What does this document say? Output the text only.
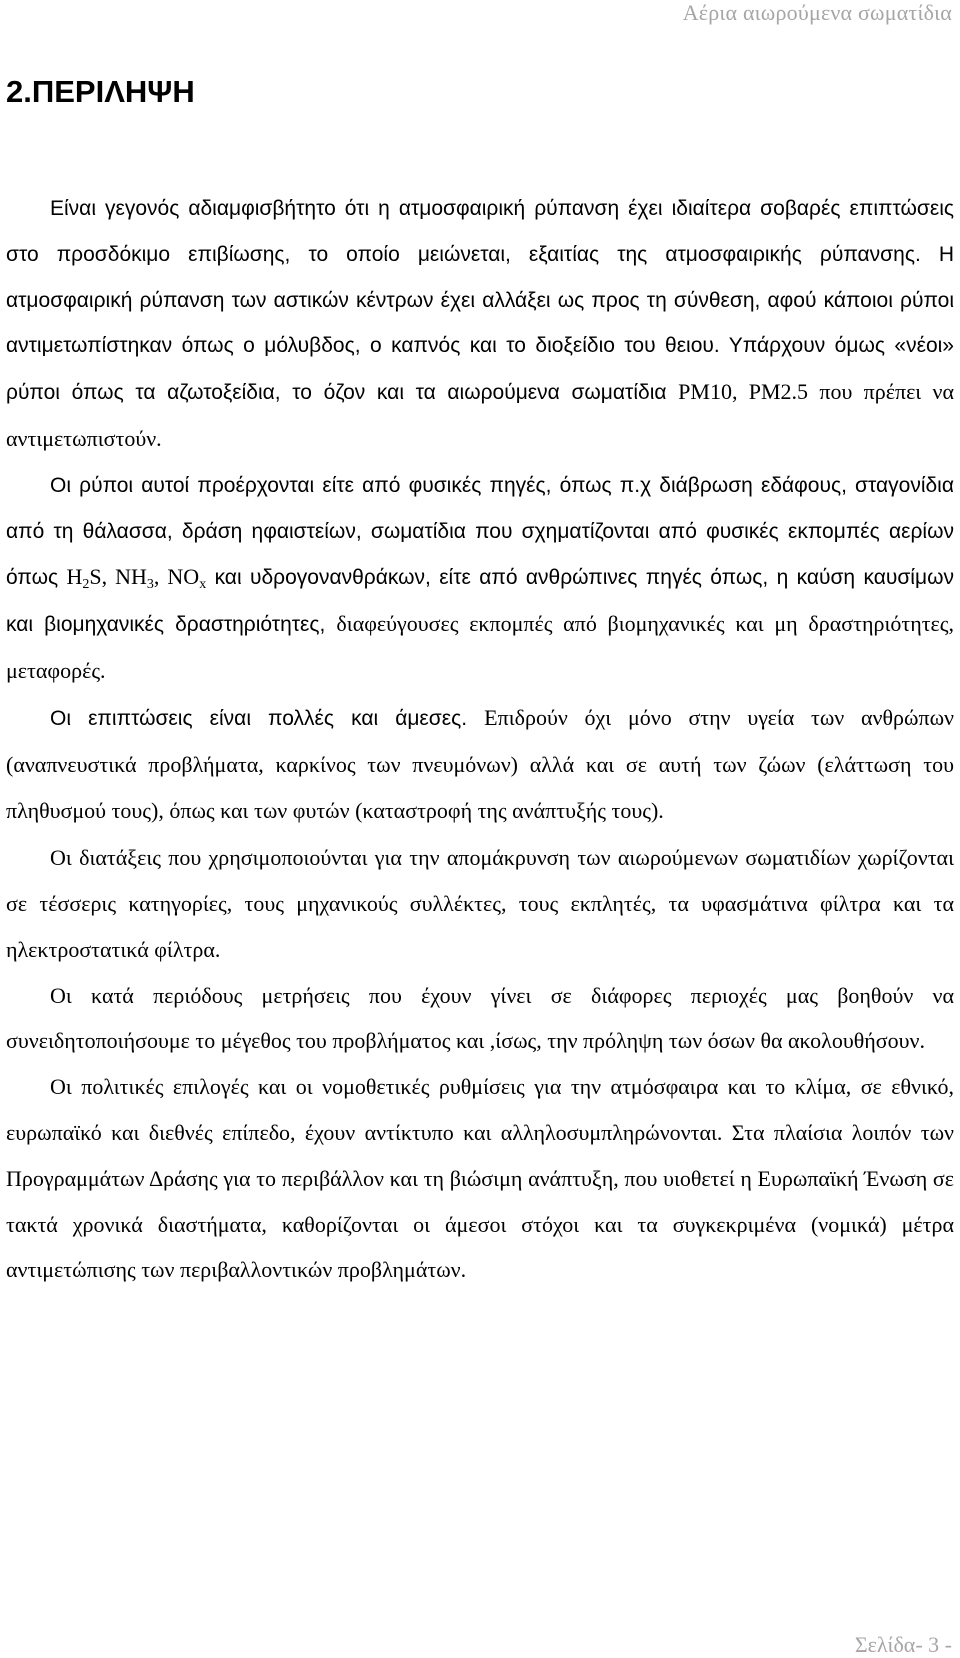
Αέρια αιωρούμενα σωματίδια
2.ΠΕΡΙΛΗΨΗ

Είναι γεγονός αδιαμφισβήτητο ότι η ατμοσφαιρική ρύπανση έχει ιδιαίτερα σοβαρές επιπτώσεις στο προσδόκιμο επιβίωσης, το οποίο μειώνεται, εξαιτίας της ατμοσφαιρικής ρύπανσης. Η ατμοσφαιρική ρύπανση των αστικών κέντρων έχει αλλάξει ως προς τη σύνθεση, αφού κάποιοι ρύποι αντιμετωπίστηκαν όπως ο μόλυβδος, ο καπνός και το διοξείδιο του θειου. Υπάρχουν όμως «νέοι» ρύποι όπως τα αζωτοξείδια, το όζον και τα αιωρούμενα σωματίδια ΡΜ10, ΡΜ2.5 που πρέπει να αντιμετωπιστούν.

Οι ρύποι αυτοί προέρχονται είτε από φυσικές πηγές, όπως π.χ διάβρωση εδάφους, σταγονίδια από τη θάλασσα, δράση ηφαιστείων, σωματίδια που σχηματίζονται από φυσικές εκπομπές αερίων όπως $H_2S$, $NH_3$, $NO_x$ και υδρογονανθράκων, είτε από ανθρώπινες πηγές όπως, η καύση καυσίμων και βιομηχανικές δραστηριότητες, διαφεύγουσες εκπομπές από βιομηχανικές και μη δραστηριότητες, μεταφορές.

Οι επιπτώσεις είναι πολλές και άμεσες. Επιδρούν όχι μόνο στην υγεία των ανθρώπων (αναπνευστικά προβλήματα, καρκίνος των πνευμόνων) αλλά και σε αυτή των ζώων (ελάττωση του πληθυσμού τους), όπως και των φυτών (καταστροφή της ανάπτυξής τους).

Οι διατάξεις που χρησιμοποιούνται για την απομάκρυνση των αιωρούμενων σωματιδίων χωρίζονται σε τέσσερις κατηγορίες, τους μηχανικούς συλλέκτες, τους εκπλητές, τα υφασμάτινα φίλτρα και τα ηλεκτροστατικά φίλτρα.

Οι κατά περιόδους μετρήσεις που έχουν γίνει σε διάφορες περιοχές μας βοηθούν να συνειδητοποιήσουμε το μέγεθος του προβλήματος και ,ίσως, την πρόληψη των όσων θα ακολουθήσουν.

Οι πολιτικές επιλογές και οι νομοθετικές ρυθμίσεις για την ατμόσφαιρα και το κλίμα, σε εθνικό, ευρωπαϊκό και διεθνές επίπεδο, έχουν αντίκτυπο και αλληλοσυμπληρώνονται. Στα πλαίσια λοιπόν των Προγραμμάτων Δράσης για το περιβάλλον και τη βιώσιμη ανάπτυξη, που υιοθετεί η Ευρωπαϊκή Ένωση σε τακτά χρονικά διαστήματα, καθορίζονται οι άμεσοι στόχοι και τα συγκεκριμένα (νομικά) μέτρα αντιμετώπισης των περιβαλλοντικών προβλημάτων.

Σελίδα- 3 -
